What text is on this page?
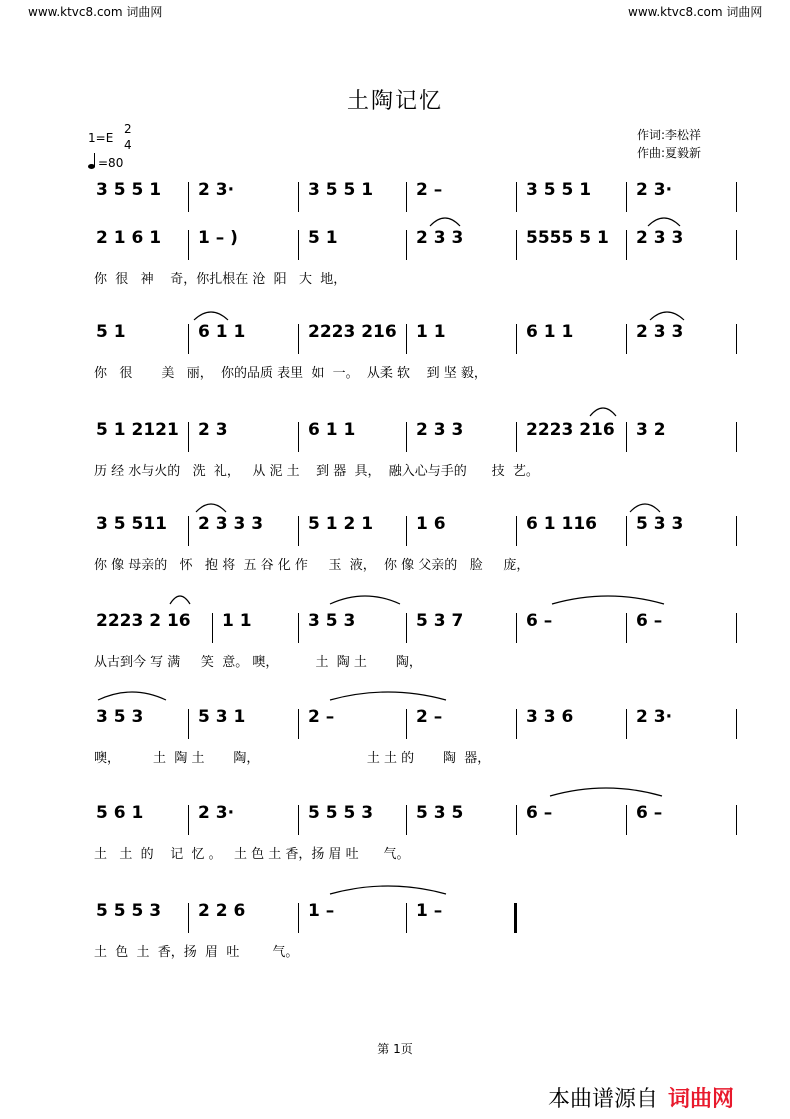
www.ktvc8.com 词曲网	www.ktvc8.com 词曲网
土陶记忆
1=E
2
4
=80
作词:李松祥
作曲:夏毅新
3 5 5 1	2 3·	3 5 5 1	2 –	3 5 5 1	2 3·
2 1 6 1	1 – )	5 1	2 3 3	5555 5 1	2 3 3
你  很   神    奇，你扎根在 沧  阳   大  地，
5 1	6 1 1	2223 216 1 1	6 1 1	2 3 3
你   很       美   丽，  你的品质 表里  如  一。  从柔 软    到 坚 毅，
5 1 2121 2 3	6 1 1	2 3 3	2223 216 3 2
历 经 水与火的   洗  礼，   从 泥 土    到 器  具，  融入心与手的      技  艺。
3 5 511	2 3 3 3	5 1 2 1	1 6	6 1 116	5 3 3
你 像 母亲的   怀   抱 将  五 谷 化 作     玉  液，  你 像 父亲的   脸     庞，
2223 2 16	1 1	3 5 3	5 3 7	6 –	6 –
从古到今 写 满     笑  意。 噢，         土  陶 土       陶，
3 5 3	5 3 1	2 –	2 –	3 3 6	2 3·
噢，        土  陶 土       陶，                          土 土 的       陶  器，
5 6 1	2 3·	5 5 5 3	5 3 5	6 –	6 –
土   土  的    记  忆 。   土 色 土 香，扬 眉 吐      气。
5 5 5 3	2 2 6	1 –	1 –
土  色  土  香，扬  眉  吐        气。
第 1页
本曲谱源自 词曲网
